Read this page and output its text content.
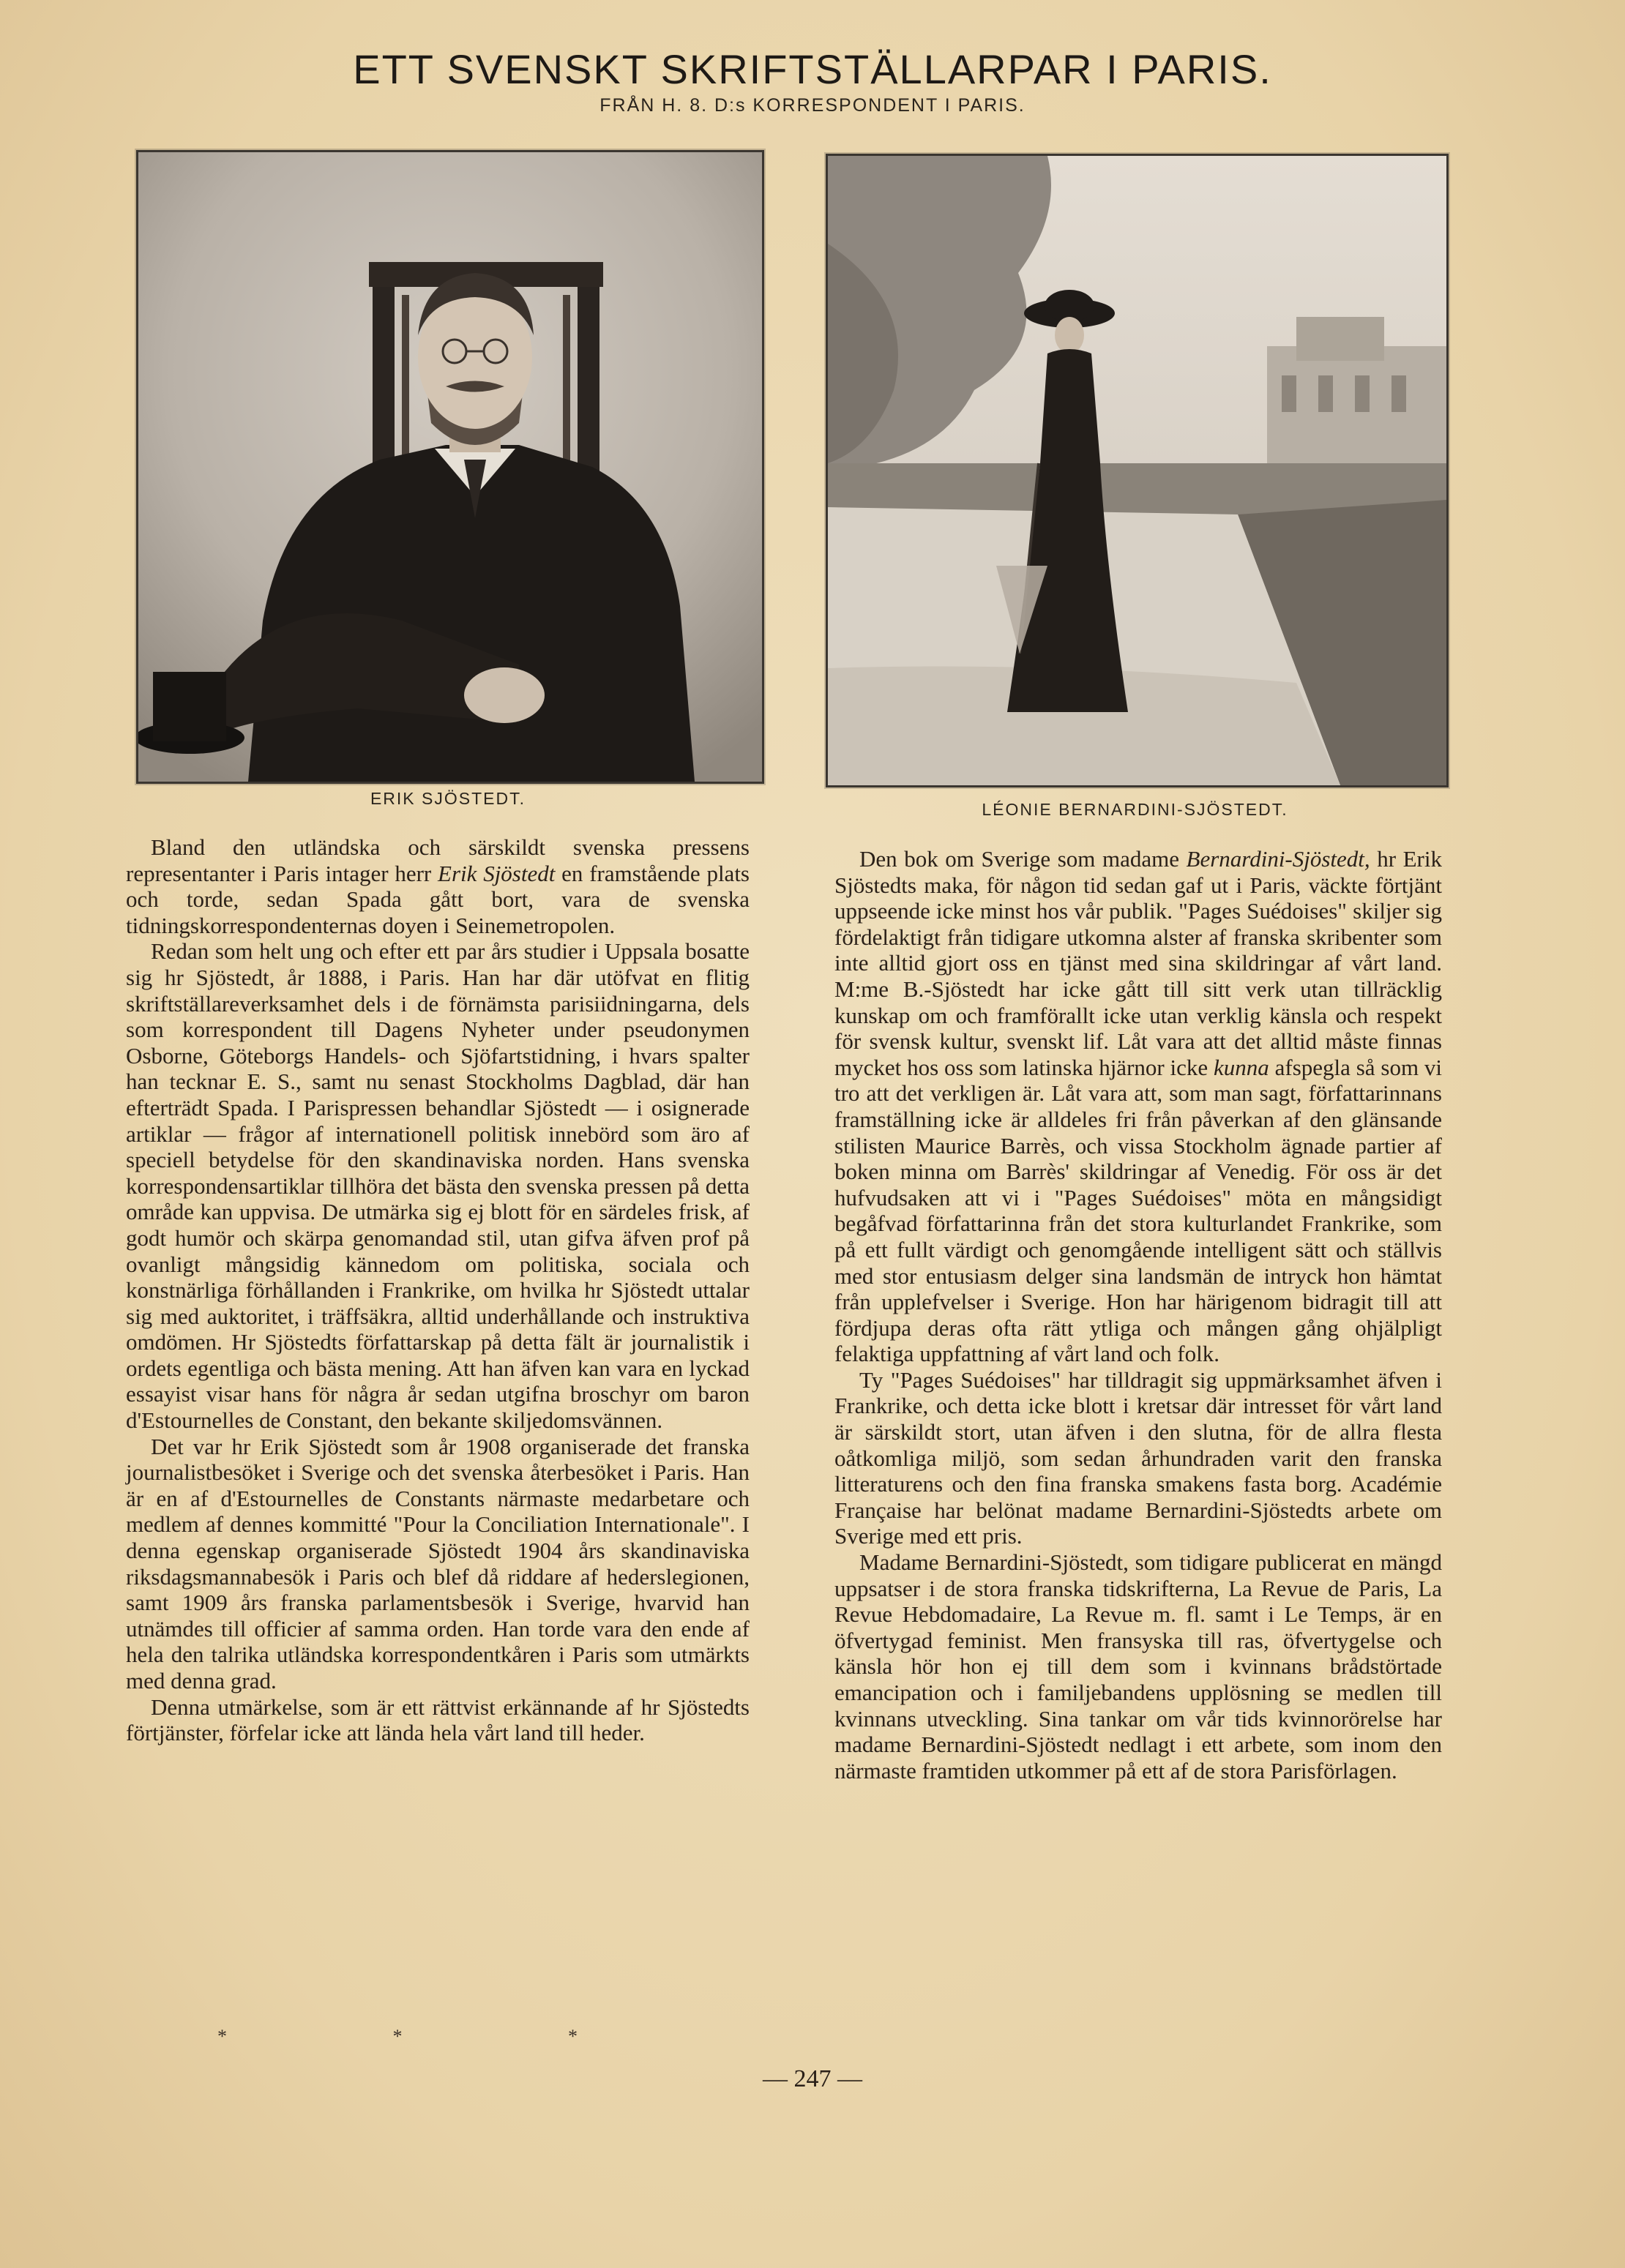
ETT SVENSKT SKRIFTSTÄLLARPAR I PARIS.
FRÅN H. 8. D:s KORRESPONDENT I PARIS.
ERIK SJÖSTEDT.
LÉONIE BERNARDINI-SJÖSTEDT.

Bland den utländska och särskildt svenska pressens representanter i Paris intager herr Erik Sjöstedt en framstående plats och torde, sedan Spada gått bort, vara de svenska tidningskorrespondenternas doyen i Seinemetropolen.

Redan som helt ung och efter ett par års studier i Uppsala bosatte sig hr Sjöstedt, år 1888, i Paris. Han har där utöfvat en flitig skriftställareverksamhet dels i de förnämsta parisiidningarna, dels som korrespondent till Dagens Nyheter under pseudonymen Osborne, Göteborgs Handels- och Sjöfartstidning, i hvars spalter han tecknar E. S., samt nu senast Stockholms Dagblad, där han efterträdt Spada. I Parispressen behandlar Sjöstedt — i osignerade artiklar — frågor af internationell politisk innebörd som äro af speciell betydelse för den skandinaviska norden. Hans svenska korrespondensartiklar tillhöra det bästa den svenska pressen på detta område kan uppvisa. De utmärka sig ej blott för en särdeles frisk, af godt humör och skärpa genomandad stil, utan gifva äfven prof på ovanligt mångsidig kännedom om politiska, sociala och konstnärliga förhållanden i Frankrike, om hvilka hr Sjöstedt uttalar sig med auktoritet, i träffsäkra, alltid underhållande och instruktiva omdömen. Hr Sjöstedts författarskap på detta fält är journalistik i ordets egentliga och bästa mening. Att han äfven kan vara en lyckad essayist visar hans för några år sedan utgifna broschyr om baron d'Estournelles de Constant, den bekante skiljedomsvännen.

Det var hr Erik Sjöstedt som år 1908 organiserade det franska journalistbesöket i Sverige och det svenska återbesöket i Paris. Han är en af d'Estournelles de Constants närmaste medarbetare och medlem af dennes kommitté "Pour la Conciliation Internationale". I denna egenskap organiserade Sjöstedt 1904 års skandinaviska riksdagsmannabesök i Paris och blef då riddare af hederslegionen, samt 1909 års franska parlamentsbesök i Sverige, hvarvid han utnämdes till officier af samma orden. Han torde vara den ende af hela den talrika utländska korrespondentkåren i Paris som utmärkts med denna grad.

Denna utmärkelse, som är ett rättvist erkännande af hr Sjöstedts förtjänster, förfelar icke att lända hela vårt land till heder.

* * *

Den bok om Sverige som madame Bernardini-Sjöstedt, hr Erik Sjöstedts maka, för någon tid sedan gaf ut i Paris, väckte förtjänt uppseende icke minst hos vår publik. "Pages Suédoises" skiljer sig fördelaktigt från tidigare utkomna alster af franska skribenter som inte alltid gjort oss en tjänst med sina skildringar af vårt land. M:me B.-Sjöstedt har icke gått till sitt verk utan tillräcklig kunskap om och framförallt icke utan verklig känsla och respekt för svensk kultur, svenskt lif. Låt vara att det alltid måste finnas mycket hos oss som latinska hjärnor icke kunna afspegla så som vi tro att det verkligen är. Låt vara att, som man sagt, författarinnans framställning icke är alldeles fri från påverkan af den glänsande stilisten Maurice Barrès, och vissa Stockholm ägnade partier af boken minna om Barrès' skildringar af Venedig. För oss är det hufvudsaken att vi i "Pages Suédoises" möta en mångsidigt begåfvad författarinna från det stora kulturlandet Frankrike, som på ett fullt värdigt och genomgående intelligent sätt och ställvis med stor entusiasm delger sina landsmän de intryck hon hämtat från upplefvelser i Sverige. Hon har härigenom bidragit till att fördjupa deras ofta rätt ytliga och mången gång ohjälpligt felaktiga uppfattning af vårt land och folk.

Ty "Pages Suédoises" har tilldragit sig uppmärksamhet äfven i Frankrike, och detta icke blott i kretsar där intresset för vårt land är särskildt stort, utan äfven i den slutna, för de allra flesta oåtkomliga miljö, som sedan århundraden varit den franska litteraturens och den fina franska smakens fasta borg. Académie Française har belönat madame Bernardini-Sjöstedts arbete om Sverige med ett pris.

Madame Bernardini-Sjöstedt, som tidigare publicerat en mängd uppsatser i de stora franska tidskrifterna, La Revue de Paris, La Revue Hebdomadaire, La Revue m. fl. samt i Le Temps, är en öfvertygad feminist. Men fransyska till ras, öfvertygelse och känsla hör hon ej till dem som i kvinnans brådstörtade emancipation och i familjebandens upplösning se medlen till kvinnans utveckling. Sina tankar om vår tids kvinnorörelse har madame Bernardini-Sjöstedt nedlagt i ett arbete, som inom den närmaste framtiden utkommer på ett af de stora Parisförlagen.

— 247 —
